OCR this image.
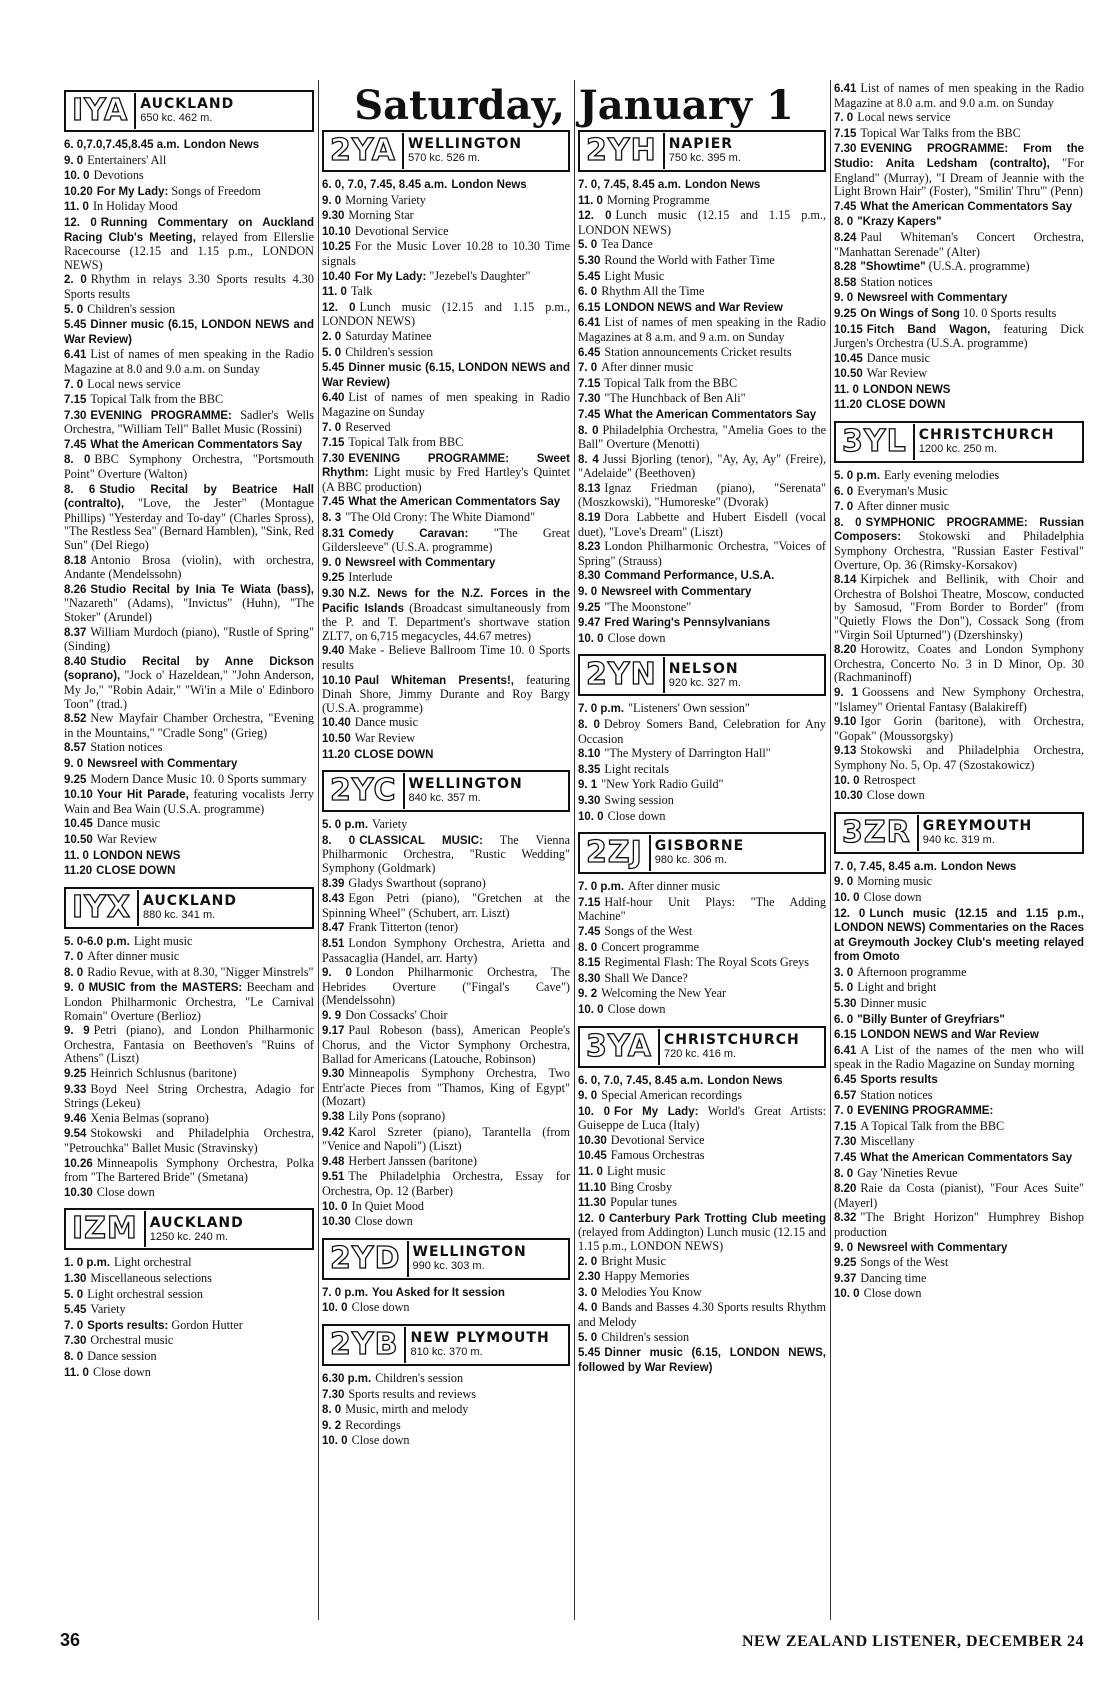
Saturday, January 1
IYA AUCKLAND
650 kc. 462 m.
6. 0,7.0,7.45,8.45 a.m. London News
9. 0 Entertainers' All
10. 0 Devotions
10.20 For My Lady: Songs of Freedom
11. 0 In Holiday Mood
12. 0 Running Commentary on Auckland Racing Club's Meeting, relayed from Ellerslie Racecourse (12.15 and 1.15 p.m., LONDON NEWS)
2. 0 Rhythm in relays 3.30 Sports results 4.30 Sports results
5. 0 Children's session
5.45 Dinner music (6.15, LONDON NEWS and War Review)
6.41 List of names of men speaking in the Radio Magazine at 8.0 and 9.0 a.m. on Sunday
7. 0 Local news service
7.15 Topical Talk from the BBC
7.30 EVENING PROGRAMME: Sadler's Wells Orchestra, "William Tell" Ballet Music (Rossini)
7.45 What the American Commentators Say
8. 0 BBC Symphony Orchestra, "Portsmouth Point" Overture (Walton)
8. 6 Studio Recital by Beatrice Hall (contralto), "Love, the Jester" (Montague Phillips) "Yesterday and To-day" (Charles Spross), "The Restless Sea" (Bernard Hamblen), "Sink, Red Sun" (Del Riego)
8.18 Antonio Brosa (violin), with orchestra, Andante (Mendelssohn)
8.26 Studio Recital by Inia Te Wiata (bass), "Nazareth" (Adams), "Invictus" (Huhn), "The Stoker" (Arundel)
8.37 William Murdoch (piano), "Rustle of Spring" (Sinding)
8.40 Studio Recital by Anne Dickson (soprano), "Jock o' Hazeldean," "John Anderson, My Jo," "Robin Adair," "Wi'in a Mile o' Edinboro Toon" (trad.)
8.52 New Mayfair Chamber Orchestra, "Evening in the Mountains," "Cradle Song" (Grieg)
8.57 Station notices
9. 0 Newsreel with Commentary
9.25 Modern Dance Music 10. 0 Sports summary
10.10 Your Hit Parade, featuring vocalists Jerry Wain and Bea Wain (U.S.A. programme)
10.45 Dance music
10.50 War Review
11. 0 LONDON NEWS
11.20 CLOSE DOWN
IYX AUCKLAND
880 kc. 341 m.
5. 0-6.0 p.m. Light music
7. 0 After dinner music
8. 0 Radio Revue, with at 8.30, "Nigger Minstrels"
9. 0 MUSIC from the MASTERS: Beecham and London Philharmonic Orchestra, "Le Carnival Romain" Overture (Berlioz)
9. 9 Petri (piano), and London Philharmonic Orchestra, Fantasia on Beethoven's "Ruins of Athens" (Liszt)
9.25 Heinrich Schlusnus (baritone)
9.33 Boyd Neel String Orchestra, Adagio for Strings (Lekeu)
9.46 Xenia Belmas (soprano)
9.54 Stokowski and Philadelphia Orchestra, "Petrouchka" Ballet Music (Stravinsky)
10.26 Minneapolis Symphony Orchestra, Polka from "The Bartered Bride" (Smetana)
10.30 Close down
IZM AUCKLAND
1250 kc. 240 m.
1. 0 p.m. Light orchestral
1.30 Miscellaneous selections
5. 0 Light orchestral session
5.45 Variety
7. 0 Sports results: Gordon Hutter
7.30 Orchestral music
8. 0 Dance session
11. 0 Close down
2YA WELLINGTON
570 kc. 526 m.
6. 0, 7.0, 7.45, 8.45 a.m. London News
9. 0 Morning Variety
9.30 Morning Star
10.10 Devotional Service
10.25 For the Music Lover 10.28 to 10.30 Time signals
10.40 For My Lady: "Jezebel's Daughter"
11. 0 Talk
12. 0 Lunch music (12.15 and 1.15 p.m., LONDON NEWS)
2. 0 Saturday Matinee
5. 0 Children's session
5.45 Dinner music (6.15, LONDON NEWS and War Review)
6.40 List of names of men speaking in Radio Magazine on Sunday
7. 0 Reserved
7.15 Topical Talk from BBC
7.30 EVENING PROGRAMME: Sweet Rhythm: Light music by Fred Hartley's Quintet (A BBC production)
7.45 What the American Commentators Say
8. 3 "The Old Crony: The White Diamond"
8.31 Comedy Caravan: "The Great Gildersleeve" (U.S.A. programme)
9. 0 Newsreel with Commentary
9.25 Interlude
9.30 N.Z. News for the N.Z. Forces in the Pacific Islands (Broadcast simultaneously from the P. and T. Department's shortwave station ZLT7, on 6,715 megacycles, 44.67 metres)
9.40 Make - Believe Ballroom Time 10. 0 Sports results
10.10 Paul Whiteman Presents!, featuring Dinah Shore, Jimmy Durante and Roy Bargy (U.S.A. programme)
10.40 Dance music
10.50 War Review
11.20 CLOSE DOWN
2YC WELLINGTON
840 kc. 357 m.
5. 0 p.m. Variety
8. 0 CLASSICAL MUSIC: The Vienna Philharmonic Orchestra, "Rustic Wedding" Symphony (Goldmark)
8.39 Gladys Swarthout (soprano)
8.43 Egon Petri (piano), "Gretchen at the Spinning Wheel" (Schubert, arr. Liszt)
8.47 Frank Titterton (tenor)
8.51 London Symphony Orchestra, Arietta and Passacaglia (Handel, arr. Harty)
9. 0 London Philharmonic Orchestra, The Hebrides Overture ("Fingal's Cave") (Mendelssohn)
9. 9 Don Cossacks' Choir
9.17 Paul Robeson (bass), American People's Chorus, and the Victor Symphony Orchestra, Ballad for Americans (Latouche, Robinson)
9.30 Minneapolis Symphony Orchestra, Two Entr'acte Pieces from "Thamos, King of Egypt" (Mozart)
9.38 Lily Pons (soprano)
9.42 Karol Szreter (piano), Tarantella (from "Venice and Napoli") (Liszt)
9.48 Herbert Janssen (baritone)
9.51 The Philadelphia Orchestra, Essay for Orchestra, Op. 12 (Barber)
10. 0 In Quiet Mood
10.30 Close down
2YD WELLINGTON
990 kc. 303 m.
7. 0 p.m. You Asked for It session
10. 0 Close down
2YB NEW PLYMOUTH
810 kc. 370 m.
6.30 p.m. Children's session
7.30 Sports results and reviews
8. 0 Music, mirth and melody
9. 2 Recordings
10. 0 Close down
2YH NAPIER
750 kc. 395 m.
7. 0, 7.45, 8.45 a.m. London News
11. 0 Morning Programme
12. 0 Lunch music (12.15 and 1.15 p.m., LONDON NEWS)
5. 0 Tea Dance
5.30 Round the World with Father Time
5.45 Light Music
6. 0 Rhythm All the Time
6.15 LONDON NEWS and War Review
6.41 List of names of men speaking in the Radio Magazines at 8 a.m. and 9 a.m. on Sunday
6.45 Station announcements Cricket results
7. 0 After dinner music
7.15 Topical Talk from the BBC
7.30 "The Hunchback of Ben Ali"
7.45 What the American Commentators Say
8. 0 Philadelphia Orchestra, "Amelia Goes to the Ball" Overture (Menotti)
8. 4 Jussi Bjorling (tenor), "Ay, Ay, Ay" (Freire), "Adelaide" (Beethoven)
8.13 Ignaz Friedman (piano), "Serenata" (Moszkowski), "Humoreske" (Dvorak)
8.19 Dora Labbette and Hubert Eisdell (vocal duet), "Love's Dream" (Liszt)
8.23 London Philharmonic Orchestra, "Voices of Spring" (Strauss)
8.30 Command Performance, U.S.A.
9. 0 Newsreel with Commentary
9.25 "The Moonstone"
9.47 Fred Waring's Pennsylvanians
10. 0 Close down
2YN NELSON
920 kc. 327 m.
7. 0 p.m. "Listeners' Own session"
8. 0 Debroy Somers Band, Celebration for Any Occasion
8.10 "The Mystery of Darrington Hall"
8.35 Light recitals
9. 1 "New York Radio Guild"
9.30 Swing session
10. 0 Close down
2ZJ GISBORNE
980 kc. 306 m.
7. 0 p.m. After dinner music
7.15 Half-hour Unit Plays: "The Adding Machine"
7.45 Songs of the West
8. 0 Concert programme
8.15 Regimental Flash: The Royal Scots Greys
8.30 Shall We Dance?
9. 2 Welcoming the New Year
10. 0 Close down
3YA CHRISTCHURCH
720 kc. 416 m.
6. 0, 7.0, 7.45, 8.45 a.m. London News
9. 0 Special American recordings
10. 0 For My Lady: World's Great Artists: Guiseppe de Luca (Italy)
10.30 Devotional Service
10.45 Famous Orchestras
11. 0 Light music
11.10 Bing Crosby
11.30 Popular tunes
12. 0 Canterbury Park Trotting Club meeting (relayed from Addington) Lunch music (12.15 and 1.15 p.m., LONDON NEWS)
2. 0 Bright Music
2.30 Happy Memories
3. 0 Melodies You Know
4. 0 Bands and Basses 4.30 Sports results Rhythm and Melody
5. 0 Children's session
5.45 Dinner music (6.15, LONDON NEWS, followed by War Review)
6.41 List of names of men speaking in the Radio Magazine at 8.0 a.m. and 9.0 a.m. on Sunday
7. 0 Local news service
7.15 Topical War Talks from the BBC
7.30 EVENING PROGRAMME: From the Studio: Anita Ledsham (contralto), "For England" (Murray), "I Dream of Jeannie with the Light Brown Hair" (Foster), "Smilin' Thru'" (Penn)
7.45 What the American Commentators Say
8. 0 "Krazy Kapers"
8.24 Paul Whiteman's Concert Orchestra, "Manhattan Serenade" (Alter)
8.28 "Showtime" (U.S.A. programme)
8.58 Station notices
9. 0 Newsreel with Commentary
9.25 On Wings of Song 10. 0 Sports results
10.15 Fitch Band Wagon, featuring Dick Jurgen's Orchestra (U.S.A. programme)
10.45 Dance music
10.50 War Review
11. 0 LONDON NEWS
11.20 CLOSE DOWN
3YL CHRISTCHURCH
1200 kc. 250 m.
5. 0 p.m. Early evening melodies
6. 0 Everyman's Music
7. 0 After dinner music
8. 0 SYMPHONIC PROGRAMME: Russian Composers: Stokowski and Philadelphia Symphony Orchestra, "Russian Easter Festival" Overture, Op. 36 (Rimsky-Korsakov)
8.14 Kirpichek and Bellinik, with Choir and Orchestra of Bolshoi Theatre, Moscow, conducted by Samosud, "From Border to Border" (from "Quietly Flows the Don"), Cossack Song (from "Virgin Soil Upturned") (Dzershinsky)
8.20 Horowitz, Coates and London Symphony Orchestra, Concerto No. 3 in D Minor, Op. 30 (Rachmaninoff)
9. 1 Goossens and New Symphony Orchestra, "Islamey" Oriental Fantasy (Balakireff)
9.10 Igor Gorin (baritone), with Orchestra, "Gopak" (Moussorgsky)
9.13 Stokowski and Philadelphia Orchestra, Symphony No. 5, Op. 47 (Szostakowicz)
10. 0 Retrospect
10.30 Close down
3ZR GREYMOUTH
940 kc. 319 m.
7. 0, 7.45, 8.45 a.m. London News
9. 0 Morning music
10. 0 Close down
12. 0 Lunch music (12.15 and 1.15 p.m., LONDON NEWS) Commentaries on the Races at Greymouth Jockey Club's meeting relayed from Omoto
3. 0 Afternoon programme
5. 0 Light and bright
5.30 Dinner music
6. 0 "Billy Bunter of Greyfriars"
6.15 LONDON NEWS and War Review
6.41 A List of the names of the men who will speak in the Radio Magazine on Sunday morning
6.45 Sports results
6.57 Station notices
7. 0 EVENING PROGRAMME:
7.15 A Topical Talk from the BBC
7.30 Miscellany
7.45 What the American Commentators Say
8. 0 Gay 'Nineties Revue
8.20 Raie da Costa (pianist), "Four Aces Suite" (Mayerl)
8.32 "The Bright Horizon" Humphrey Bishop production
9. 0 Newsreel with Commentary
9.25 Songs of the West
9.37 Dancing time
10. 0 Close down
36	NEW ZEALAND LISTENER, DECEMBER 24
